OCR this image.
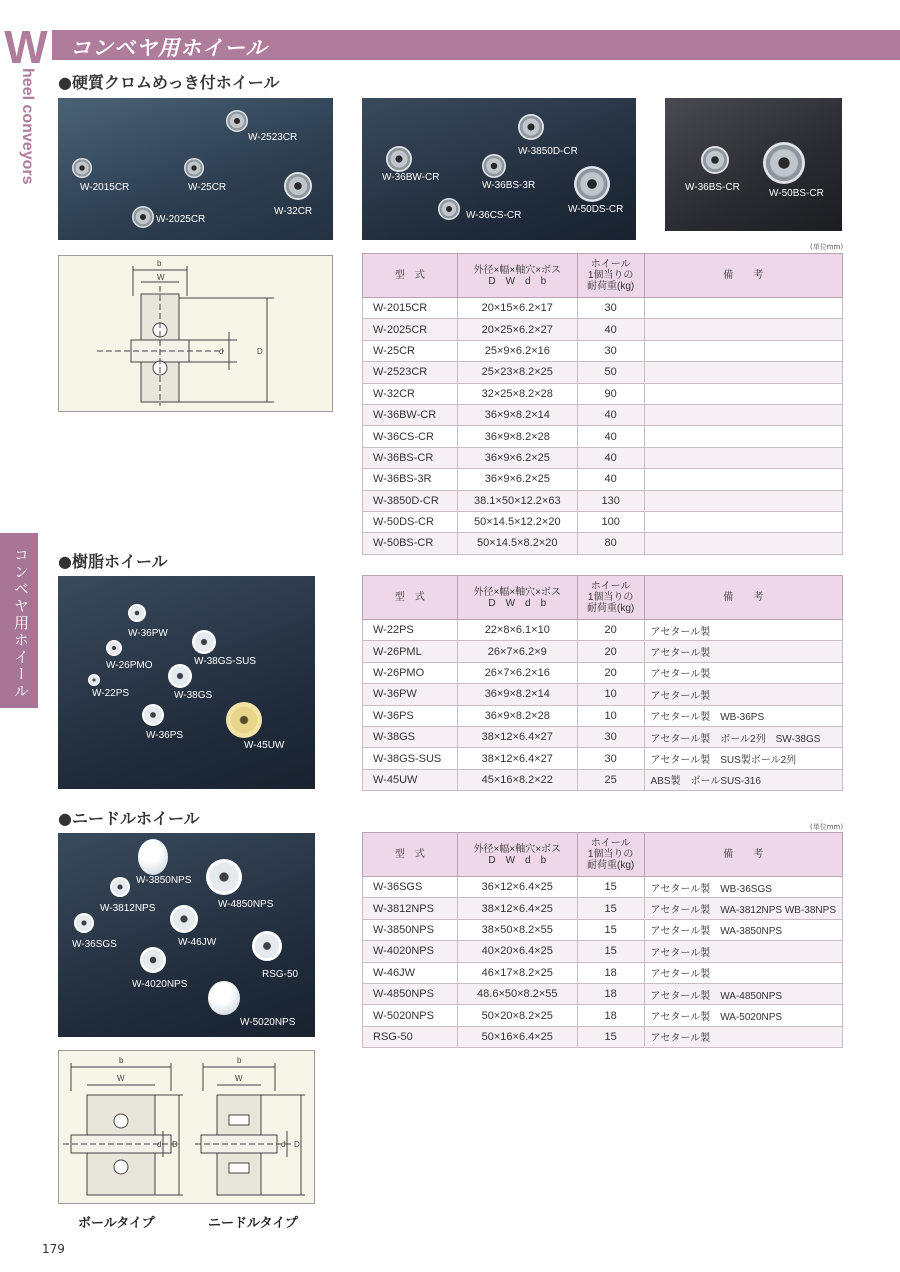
コンベヤ用ホイール
W
heel conveyors
コンベヤ用ホイール
●硬質クロムめっき付ホイール
W-2523CR
W-2015CR	W-25CR
W-32CR
W-2025CR
W-3850D-CR
W-36BW-CR
W-36BS-3R
W-50DS-CR
W-36CS-CR
W-36BS-CR
W-50BS-CR
b
W
d	D
(単位mm)
型　式	外径×幅×軸穴×ボス
D　W　d　b	ホイール
1個当りの
耐荷重(kg)	備　　考
W-2015CR	20×15×6.2×17	30	
W-2025CR	20×25×6.2×27	40	
W-25CR	25×9×6.2×16	30	
W-2523CR	25×23×8.2×25	50	
W-32CR	32×25×8.2×28	90	
W-36BW-CR	36×9×8.2×14	40	
W-36CS-CR	36×9×8.2×28	40	
W-36BS-CR	36×9×6.2×25	40	
W-36BS-3R	36×9×6.2×25	40	
W-3850D-CR	38.1×50×12.2×63	130	
W-50DS-CR	50×14.5×12.2×20	100	
W-50BS-CR	50×14.5×8.2×20	80	
●樹脂ホイール
W-36PW
W-26PMO	W-38GS-SUS
W-22PS	W-38GS
W-36PS
W-45UW
型　式	外径×幅×軸穴×ボス
D　W　d　b	ホイール
1個当りの
耐荷重(kg)	備　　考
W-22PS	22×8×6.1×10	20	アセタール製
W-26PML	26×7×6.2×9	20	アセタール製
W-26PMO	26×7×6.2×16	20	アセタール製
W-36PW	36×9×8.2×14	10	アセタール製
W-36PS	36×9×8.2×28	10	アセタール製　WB-36PS
W-38GS	38×12×6.4×27	30	アセタール製　ボール2列　SW-38GS
W-38GS-SUS	38×12×6.4×27	30	アセタール製　SUS製ボール2列
W-45UW	45×16×8.2×22	25	ABS製　ボールSUS-316
●ニードルホイール
W-3850NPS
W-3812NPS	W-4850NPS
W-36SGS	W-46JW
W-4020NPS
RSG-50
W-5020NPS
b
W
d D
b
W
d D
ボールタイプ	ニードルタイプ
(単位mm)
型　式	外径×幅×軸穴×ボス
D　W　d　b	ホイール
1個当りの
耐荷重(kg)	備　　考
W-36SGS	36×12×6.4×25	15	アセタール製　WB-36SGS
W-3812NPS	38×12×6.4×25	15	アセタール製　WA-3812NPS WB-38NPS
W-3850NPS	38×50×8.2×55	15	アセタール製　WA-3850NPS
W-4020NPS	40×20×6.4×25	15	アセタール製
W-46JW	46×17×8.2×25	18	アセタール製
W-4850NPS	48.6×50×8.2×55	18	アセタール製　WA-4850NPS
W-5020NPS	50×20×8.2×25	18	アセタール製　WA-5020NPS
RSG-50	50×16×6.4×25	15	アセタール製
179
